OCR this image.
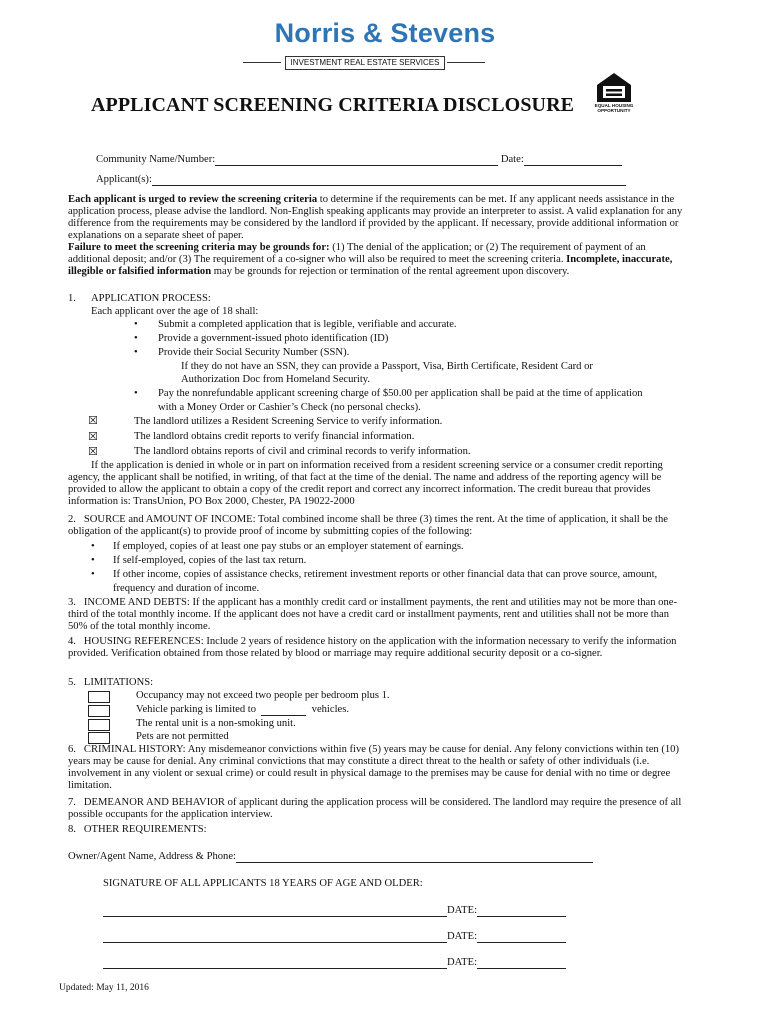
Norris & Stevens
INVESTMENT REAL ESTATE SERVICES
APPLICANT SCREENING CRITERIA DISCLOSURE	EQUAL HOUSING
OPPORTUNITY
Community Name/Number:	Date:
Applicant(s):
Each applicant is urged to review the screening criteria to determine if the requirements can be met. If any applicant needs assistance in the application process, please advise the landlord. Non-English speaking applicants may provide an interpreter to assist. A valid explanation for any difference from the requirements may be considered by the landlord if provided by the applicant. If necessary, provide additional information or explanations on a separate sheet of paper.
Failure to meet the screening criteria may be grounds for: (1) The denial of the application; or (2) The requirement of payment of an additional deposit; and/or (3) The requirement of a co-signer who will also be required to meet the screening criteria. Incomplete, inaccurate, illegible or falsified information may be grounds for rejection or termination of the rental agreement upon discovery.
1. APPLICATION PROCESS:
Each applicant over the age of 18 shall:
• Submit a completed application that is legible, verifiable and accurate.
• Provide a government-issued photo identification (ID)
• Provide their Social Security Number (SSN).
If they do not have an SSN, they can provide a Passport, Visa, Birth Certificate, Resident Card or
Authorization Doc from Homeland Security.
• Pay the nonrefundable applicant screening charge of $50.00 per application shall be paid at the time of application
with a Money Order or Cashier’s Check (no personal checks).
☒	The landlord utilizes a Resident Screening Service to verify information.
☒	The landlord obtains credit reports to verify financial information.
☒	The landlord obtains reports of civil and criminal records to verify information.
If the application is denied in whole or in part on information received from a resident screening service or a consumer credit reporting agency, the applicant shall be notified, in writing, of that fact at the time of the denial. The name and address of the reporting agency will be provided to allow the applicant to obtain a copy of the credit report and correct any incorrect information. The credit bureau that provides information is: TransUnion, PO Box 2000, Chester, PA 19022-2000
2.   SOURCE and AMOUNT OF INCOME: Total combined income shall be three (3) times the rent. At the time of application, it shall be the obligation of the applicant(s) to provide proof of income by submitting copies of the following:
• If employed, copies of at least one pay stubs or an employer statement of earnings.
• If self-employed, copies of the last tax return.
• If other income, copies of assistance checks, retirement investment reports or other financial data that can prove source, amount,
frequency and duration of income.
3.   INCOME AND DEBTS: If the applicant has a monthly credit card or installment payments, the rent and utilities may not be more than one-third of the total monthly income. If the applicant does not have a credit card or installment payments, rent and utilities shall not be more than 50% of the total monthly income.
4.   HOUSING REFERENCES: Include 2 years of residence history on the application with the information necessary to verify the information provided. Verification obtained from those related by blood or marriage may require additional security deposit or a co-signer.
5.   LIMITATIONS:
Occupancy may not exceed two people per bedroom plus 1.
Vehicle parking is limited to	vehicles.
The rental unit is a non-smoking unit.
Pets are not permitted
6.   CRIMINAL HISTORY: Any misdemeanor convictions within five (5) years may be cause for denial. Any felony convictions within ten (10) years may be cause for denial. Any criminal convictions that may constitute a direct threat to the health or safety of other individuals (i.e. involvement in any violent or sexual crime) or could result in physical damage to the premises may be cause for denial with no time or degree limitation.
7.   DEMEANOR AND BEHAVIOR of applicant during the application process will be considered. The landlord may require the presence of all possible occupants for the application interview.
8.   OTHER REQUIREMENTS:
Owner/Agent Name, Address & Phone:
SIGNATURE OF ALL APPLICANTS 18 YEARS OF AGE AND OLDER:
DATE:
DATE:
DATE:
Updated: May 11, 2016
